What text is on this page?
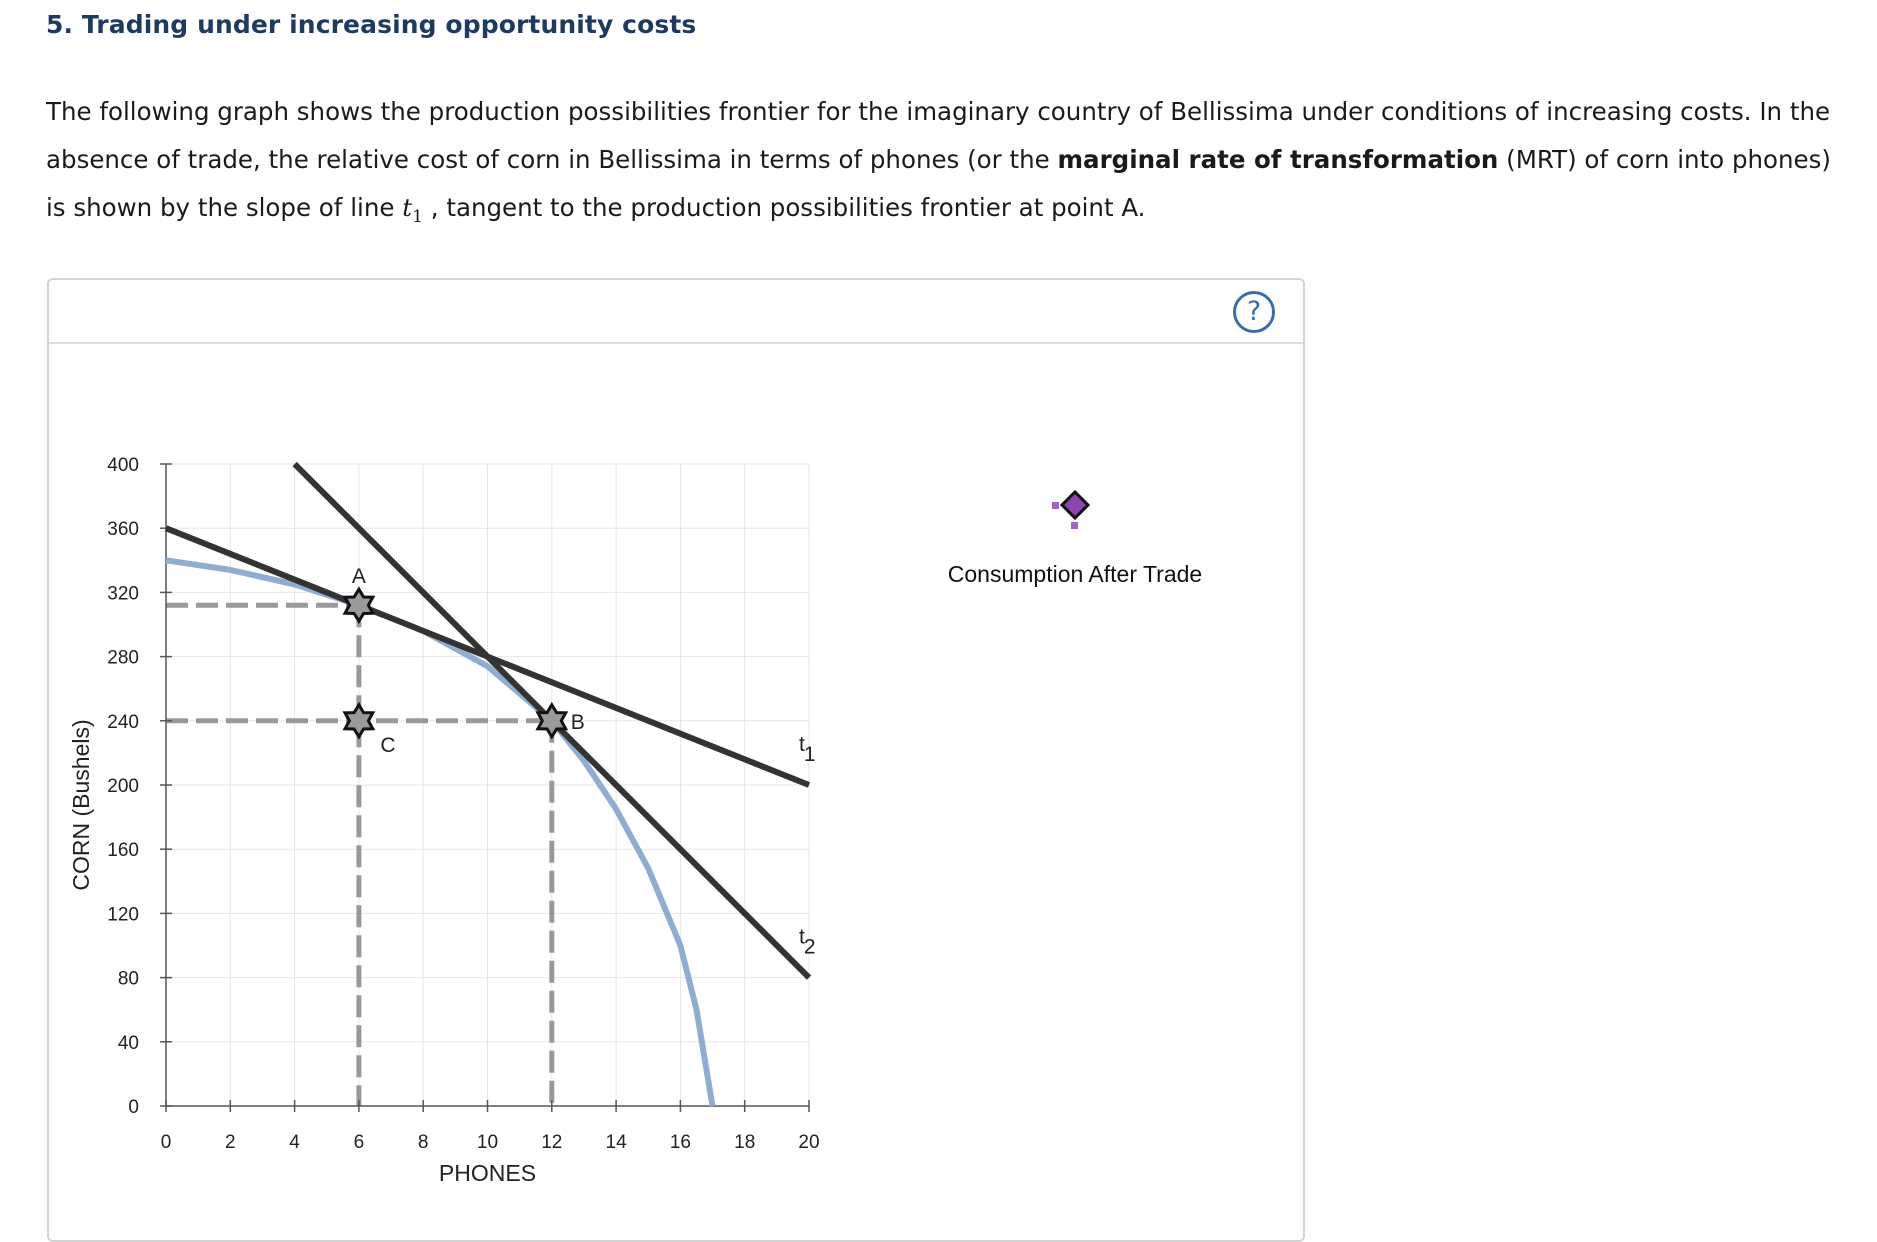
5. Trading under increasing opportunity costs

The following graph shows the production possibilities frontier for the imaginary country of Bellissima under conditions of increasing costs. In the absence of trade, the relative cost of corn in Bellissima in terms of phones (or the marginal rate of transformation (MRT) of corn into phones) is shown by the slope of line $t_1$ , tangent to the production possibilities frontier at point A.

?
0
40
80
120
160
200
240
280
320
360
400
0	2	4	6	8	10 12 14 16 18 20
PHONES
CORN (Bushels)	t1
t2
A
C
B
Consumption After Trade
